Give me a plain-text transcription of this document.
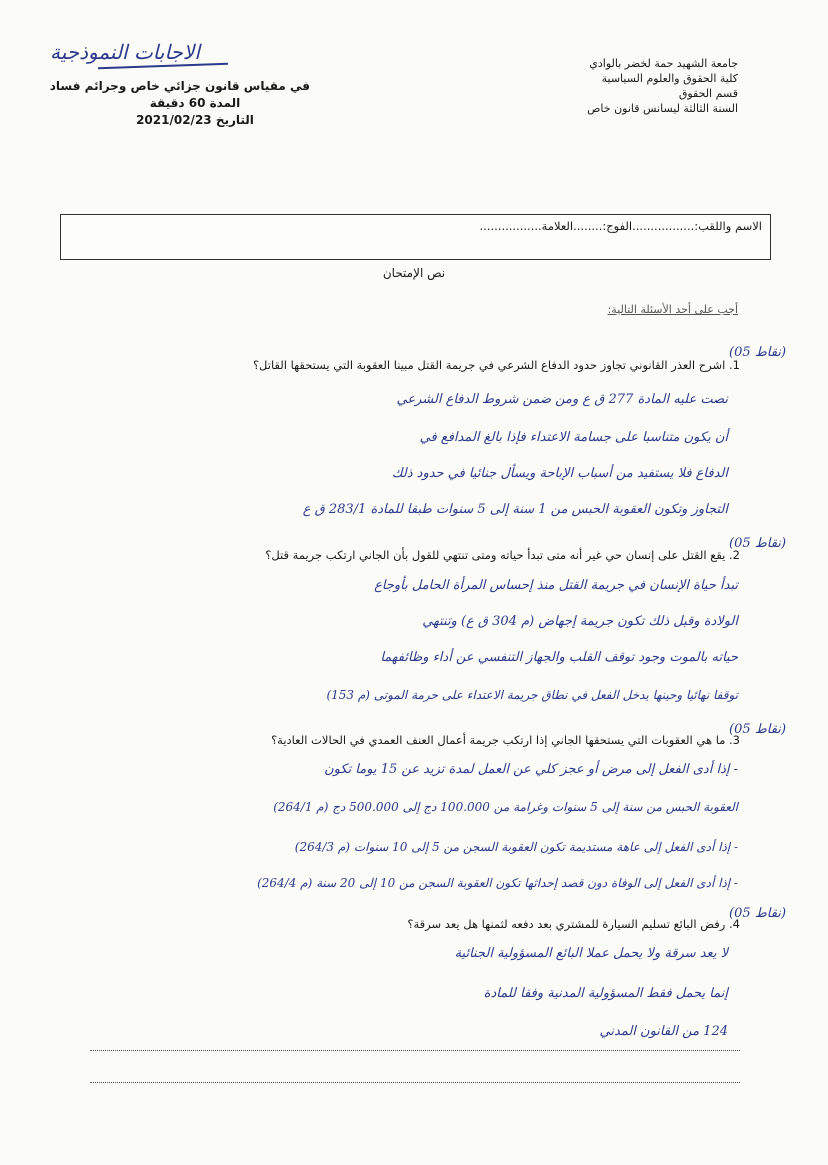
الاجابات النموذجية
في مقياس قانون جزائي خاص وجرائم فساد
المدة 60 دقيقة
التاريخ 2021/02/23
جامعة الشهيد حمة لخضر بالوادي
كلية الحقوق والعلوم السياسية
قسم الحقوق
السنة الثالثة ليسانس قانون خاص
الاسم واللقب:.................الفوج:........العلامة.................
نص الإمتحان
أجب على أحد الأسئلة التالية:
(05 نقاط)
1. اشرح العذر القانوني تجاوز حدود الدفاع الشرعي في جريمة القتل مبينا العقوبة التي يستحقها القاتل؟
نصت عليه المادة 277 ق ع ومن ضمن شروط الدفاع الشرعي
أن يكون متناسبا على جسامة الاعتداء فإذا بالغ المدافع في
الدفاع فلا يستفيد من أسباب الإباحة ويسأل جنائيا في حدود ذلك
التجاوز وتكون العقوبة الحبس من 1 سنة إلى 5 سنوات طبقا للمادة 283/1 ق ع
(05 نقاط)
2. يقع القتل على إنسان حي غير أنه متى تبدأ حياته ومتى تنتهي للقول بأن الجاني ارتكب جريمة قتل؟
تبدأ حياة الإنسان في جريمة القتل منذ إحساس المرأة الحامل بأوجاع
الولادة وقبل ذلك تكون جريمة إجهاض (م 304 ق ع) وتنتهي
حياته بالموت وجود توقف القلب والجهاز التنفسي عن أداء وظائفهما
توقفا نهائيا وحينها يدخل الفعل في نطاق جريمة الاعتداء على حرمة الموتى (م 153)
(05 نقاط)
3. ما هي العقوبات التي يستحقها الجاني إذا ارتكب جريمة أعمال العنف العمدي في الحالات العادية؟
- إذا أدى الفعل إلى مرض أو عجز كلي عن العمل لمدة تزيد عن 15 يوما تكون
العقوبة الحبس من سنة إلى 5 سنوات وغرامة من 100.000 دج إلى 500.000 دج (م 264/1)
- إذا أدى الفعل إلى عاهة مستديمة تكون العقوبة السجن من 5 إلى 10 سنوات (م 264/3)
- إذا أدى الفعل إلى الوفاة دون قصد إحداثها تكون العقوبة السجن من 10 إلى 20 سنة (م 264/4)
(05 نقاط)
4. رفض البائع تسليم السيارة للمشتري بعد دفعه لثمنها هل يعد سرقة؟
لا يعد سرقة ولا يحمل عملا البائع المسؤولية الجنائية
إنما يحمل فقط المسؤولية المدنية وفقا للمادة
124 من القانون المدني
